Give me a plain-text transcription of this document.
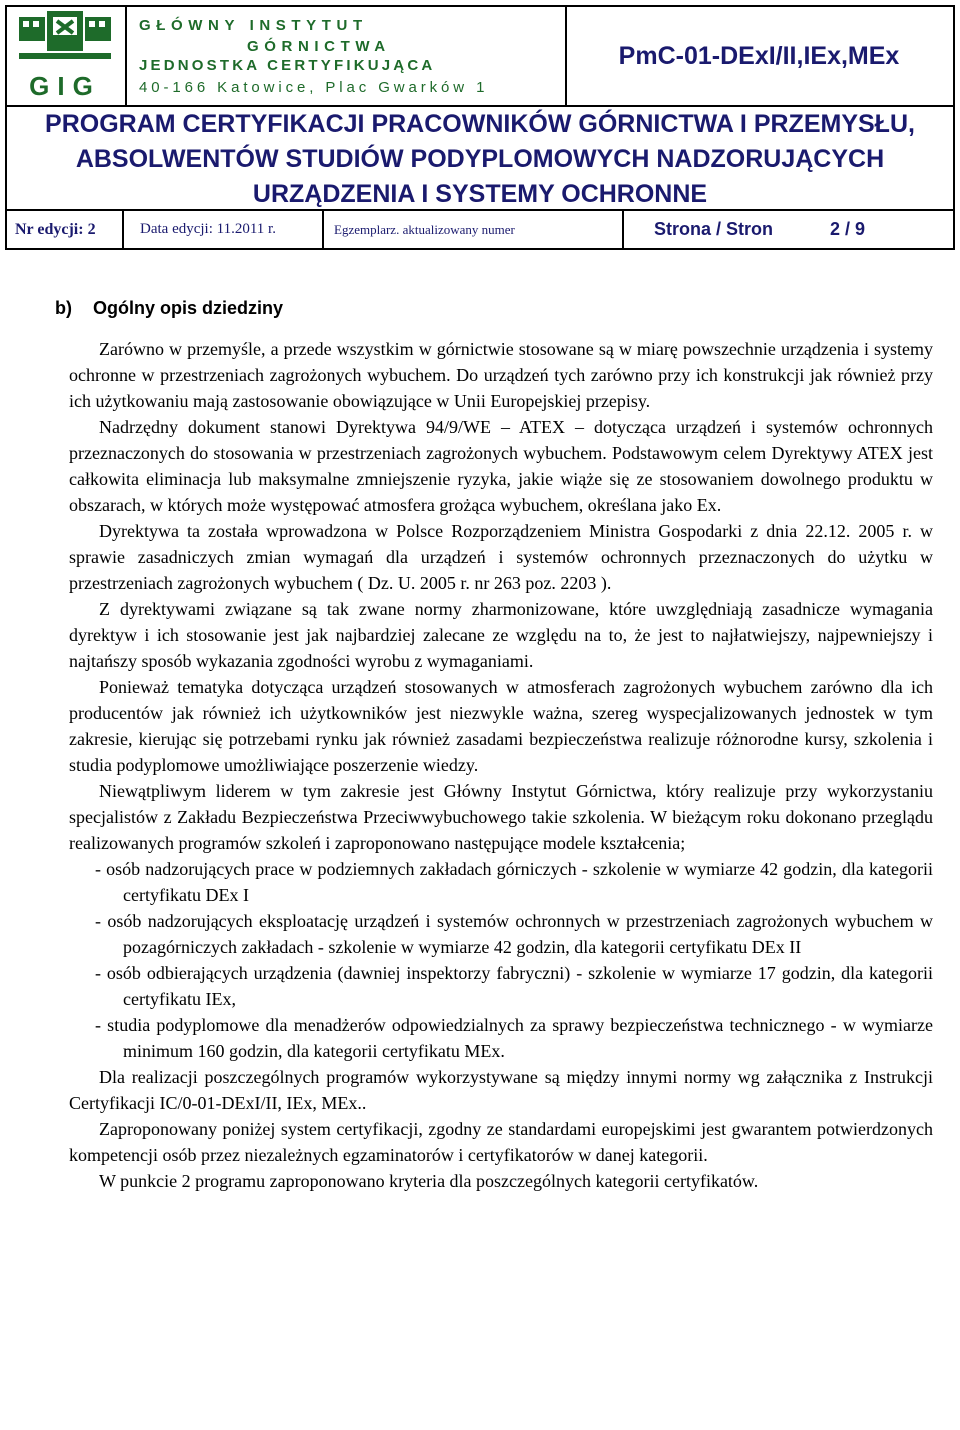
GIG
GŁÓWNY INSTYTUT
GÓRNICTWA
JEDNOSTKA CERTYFIKUJĄCA
40-166 Katowice, Plac Gwarków 1
PmC-01-DExI/II,IEx,MEx
PROGRAM CERTYFIKACJI PRACOWNIKÓW GÓRNICTWA I PRZEMYSŁU,
ABSOLWENTÓW STUDIÓW PODYPLOMOWYCH NADZORUJĄCYCH
URZĄDZENIA I SYSTEMY OCHRONNE
Nr edycji: 2	Data edycji: 11.2011 r.	Egzemplarz. aktualizowany numer	Strona / Stron	2 / 9
b) Ogólny opis dziedziny

Zarówno w przemyśle, a przede wszystkim w górnictwie stosowane są w miarę powszechnie urządzenia i systemy ochronne w przestrzeniach zagrożonych wybuchem. Do urządzeń tych zarówno przy ich konstrukcji jak również przy ich użytkowaniu mają zastosowanie obowiązujące w Unii Europejskiej przepisy.

Nadrzędny dokument stanowi Dyrektywa 94/9/WE – ATEX – dotycząca urządzeń i systemów ochronnych przeznaczonych do stosowania w przestrzeniach zagrożonych wybuchem. Podstawowym celem Dyrektywy ATEX jest całkowita eliminacja lub maksymalne zmniejszenie ryzyka, jakie wiąże się ze stosowaniem dowolnego produktu w obszarach, w których może występować atmosfera grożąca wybuchem, określana jako Ex.

Dyrektywa ta została wprowadzona w Polsce Rozporządzeniem Ministra Gospodarki z dnia 22.12. 2005 r. w sprawie zasadniczych zmian wymagań dla urządzeń i systemów ochronnych przeznaczonych do użytku w przestrzeniach zagrożonych wybuchem ( Dz. U. 2005 r. nr 263 poz. 2203 ).

Z dyrektywami związane są tak zwane normy zharmonizowane, które uwzględniają zasadnicze wymagania dyrektyw i ich stosowanie jest jak najbardziej zalecane ze względu na to, że jest to najłatwiejszy, najpewniejszy i najtańszy sposób wykazania zgodności wyrobu z wymaganiami.

Ponieważ tematyka dotycząca urządzeń stosowanych w atmosferach zagrożonych wybuchem zarówno dla ich producentów jak również ich użytkowników jest niezwykle ważna, szereg wyspecjalizowanych jednostek w tym zakresie, kierując się potrzebami rynku jak również zasadami bezpieczeństwa realizuje różnorodne kursy, szkolenia i studia podyplomowe umożliwiające poszerzenie wiedzy.

Niewątpliwym liderem w tym zakresie jest Główny Instytut Górnictwa, który realizuje przy wykorzystaniu specjalistów z Zakładu Bezpieczeństwa Przeciwwybuchowego takie szkolenia. W bieżącym roku dokonano przeglądu realizowanych programów szkoleń i zaproponowano następujące modele kształcenia;

- osób nadzorujących prace w podziemnych zakładach górniczych - szkolenie w wymiarze 42 godzin, dla kategorii certyfikatu DEx I
- osób nadzorujących eksploatację urządzeń i systemów ochronnych w przestrzeniach zagrożonych wybuchem w pozagórniczych zakładach - szkolenie w wymiarze 42 godzin, dla kategorii certyfikatu DEx II
- osób odbierających urządzenia (dawniej inspektorzy fabryczni) - szkolenie w wymiarze 17 godzin, dla kategorii certyfikatu IEx,
- studia podyplomowe dla menadżerów odpowiedzialnych za sprawy bezpieczeństwa technicznego - w wymiarze minimum 160 godzin, dla kategorii certyfikatu MEx.

Dla realizacji poszczególnych programów wykorzystywane są między innymi normy wg załącznika z Instrukcji Certyfikacji IC/0-01-DExI/II, IEx, MEx..

Zaproponowany poniżej system certyfikacji, zgodny ze standardami europejskimi jest gwarantem potwierdzonych kompetencji osób przez niezależnych egzaminatorów i certyfikatorów w danej kategorii.

W punkcie 2 programu zaproponowano kryteria dla poszczególnych kategorii certyfikatów.
